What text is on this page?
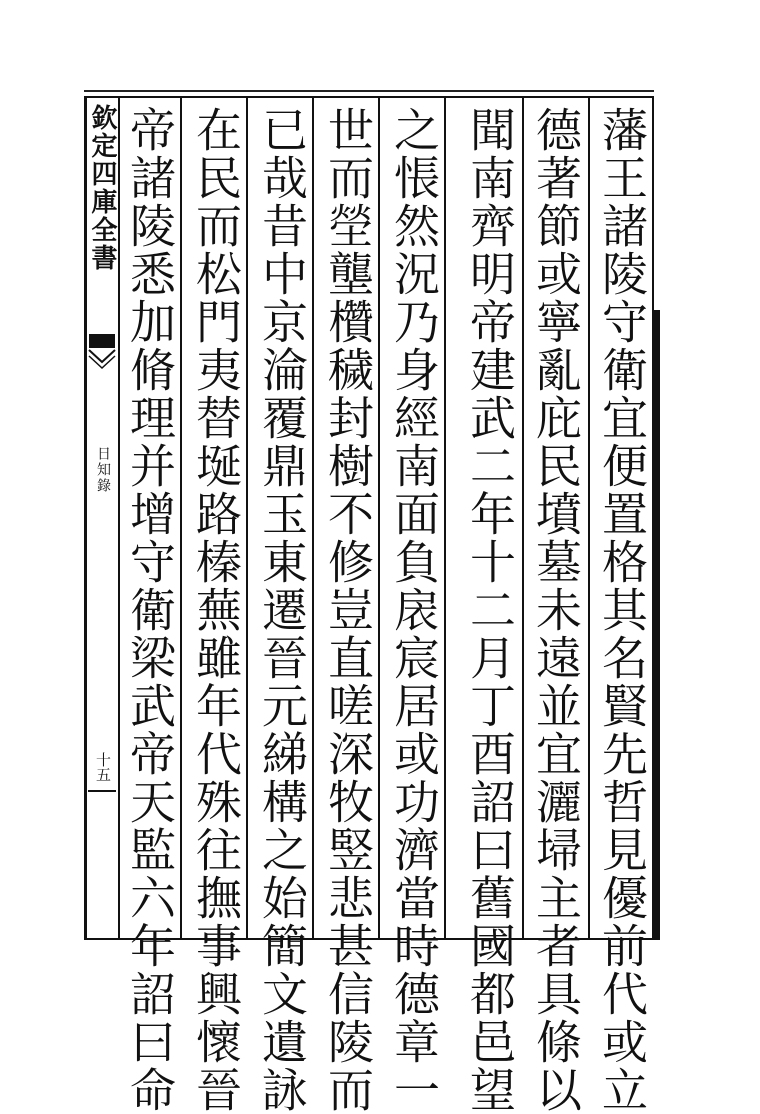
欽定四庫全書
日知錄
十五	藩王諸陵守衛宜便置格其名賢先哲見優前代或立
德著節或寧亂庇民墳墓未遠並宜灑埽主者具條以
聞南齊明帝建武二年十二月丁酉詔曰舊國都邑望
之悵然況乃身經南面負扆宸居或功濟當時德章一
世而塋壟欑穢封樹不修豈直嗟深牧竪悲甚信陵而
已哉昔中京淪覆鼎玉東遷晉元綈構之始簡文遺詠
在民而松門夷替埏路榛蕪雖年代殊往撫事興懷晉
帝諸陵悉加脩理并增守衛梁武帝天監六年詔曰命
